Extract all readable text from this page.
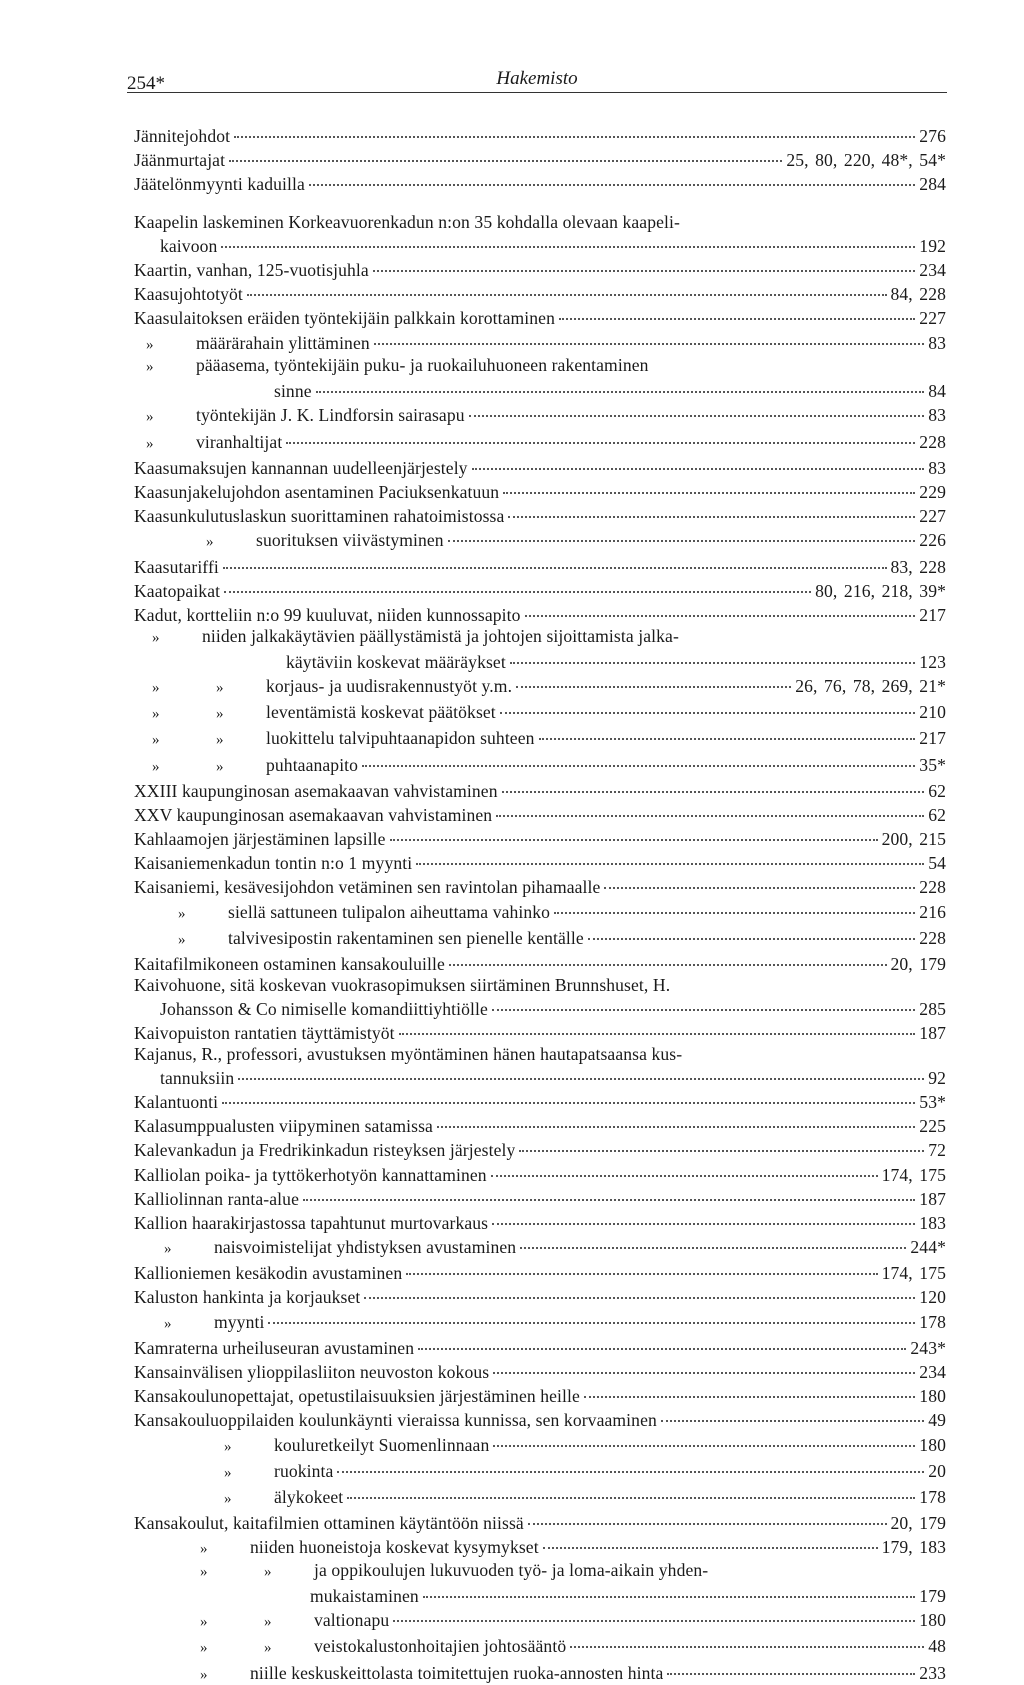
254*	Hakemisto
Jännitejohdot	276
Jäänmurtajat	25, 80, 220, 48*, 54*
Jäätelönmyynti kaduilla	284
Kaapelin laskeminen Korkeavuorenkadun n:on 35 kohdalla olevaan kaapeli-
kaivoon	192
Kaartin, vanhan, 125-vuotisjuhla	234
Kaasujohtotyöt	84, 228
Kaasulaitoksen eräiden työntekijäin palkkain korottaminen	227
» määrärahain ylittäminen	83
» pääasema, työntekijäin puku- ja ruokailuhuoneen rakentaminen
sinne	84
» työntekijän J. K. Lindforsin sairasapu	83
» viranhaltijat	228
Kaasumaksujen kannannan uudelleenjärjestely	83
Kaasunjakelujohdon asentaminen Paciuksenkatuun	229
Kaasunkulutuslaskun suorittaminen rahatoimistossa	227
» suorituksen viivästyminen	226
Kaasutariffi	83, 228
Kaatopaikat	80, 216, 218, 39*
Kadut, kortteliin n:o 99 kuuluvat, niiden kunnossapito	217
» niiden jalkakäytävien päällystämistä ja johtojen sijoittamista jalka-
käytäviin koskevat määräykset	123
»	» korjaus- ja uudisrakennustyöt y.m.	26, 76, 78, 269, 21*
»	» leventämistä koskevat päätökset	210
»	» luokittelu talvipuhtaanapidon suhteen	217
»	» puhtaanapito	35*
XXIII kaupunginosan asemakaavan vahvistaminen	62
XXV kaupunginosan asemakaavan vahvistaminen	62
Kahlaamojen järjestäminen lapsille	200, 215
Kaisaniemenkadun tontin n:o 1 myynti	54
Kaisaniemi, kesävesijohdon vetäminen sen ravintolan pihamaalle	228
» siellä sattuneen tulipalon aiheuttama vahinko	216
» talvivesipostin rakentaminen sen pienelle kentälle	228
Kaitafilmikoneen ostaminen kansakouluille	20, 179
Kaivohuone, sitä koskevan vuokrasopimuksen siirtäminen Brunnshuset, H.
Johansson & Co nimiselle komandiittiyhtiölle	285
Kaivopuiston rantatien täyttämistyöt	187
Kajanus, R., professori, avustuksen myöntäminen hänen hautapatsaansa kus-
tannuksiin	92
Kalantuonti	53*
Kalasumppualusten viipyminen satamissa	225
Kalevankadun ja Fredrikinkadun risteyksen järjestely	72
Kalliolan poika- ja tyttökerhotyön kannattaminen	174, 175
Kalliolinnan ranta-alue	187
Kallion haarakirjastossa tapahtunut murtovarkaus	183
» naisvoimistelijat yhdistyksen avustaminen	244*
Kallioniemen kesäkodin avustaminen	174, 175
Kaluston hankinta ja korjaukset	120
» myynti	178
Kamraterna urheiluseuran avustaminen	243*
Kansainvälisen ylioppilasliiton neuvoston kokous	234
Kansakoulunopettajat, opetustilaisuuksien järjestäminen heille	180
Kansakouluoppilaiden koulunkäynti vieraissa kunnissa, sen korvaaminen	49
» kouluretkeilyt Suomenlinnaan	180
» ruokinta	20
» älykokeet	178
Kansakoulut, kaitafilmien ottaminen käytäntöön niissä	20, 179
» niiden huoneistoja koskevat kysymykset	179, 183
»	» ja oppikoulujen lukuvuoden työ- ja loma-aikain yhden-
mukaistaminen	179
»	» valtionapu	180
»	» veistokalustonhoitajien johtosääntö	48
» niille keskuskeittolasta toimitettujen ruoka-annosten hinta	233
